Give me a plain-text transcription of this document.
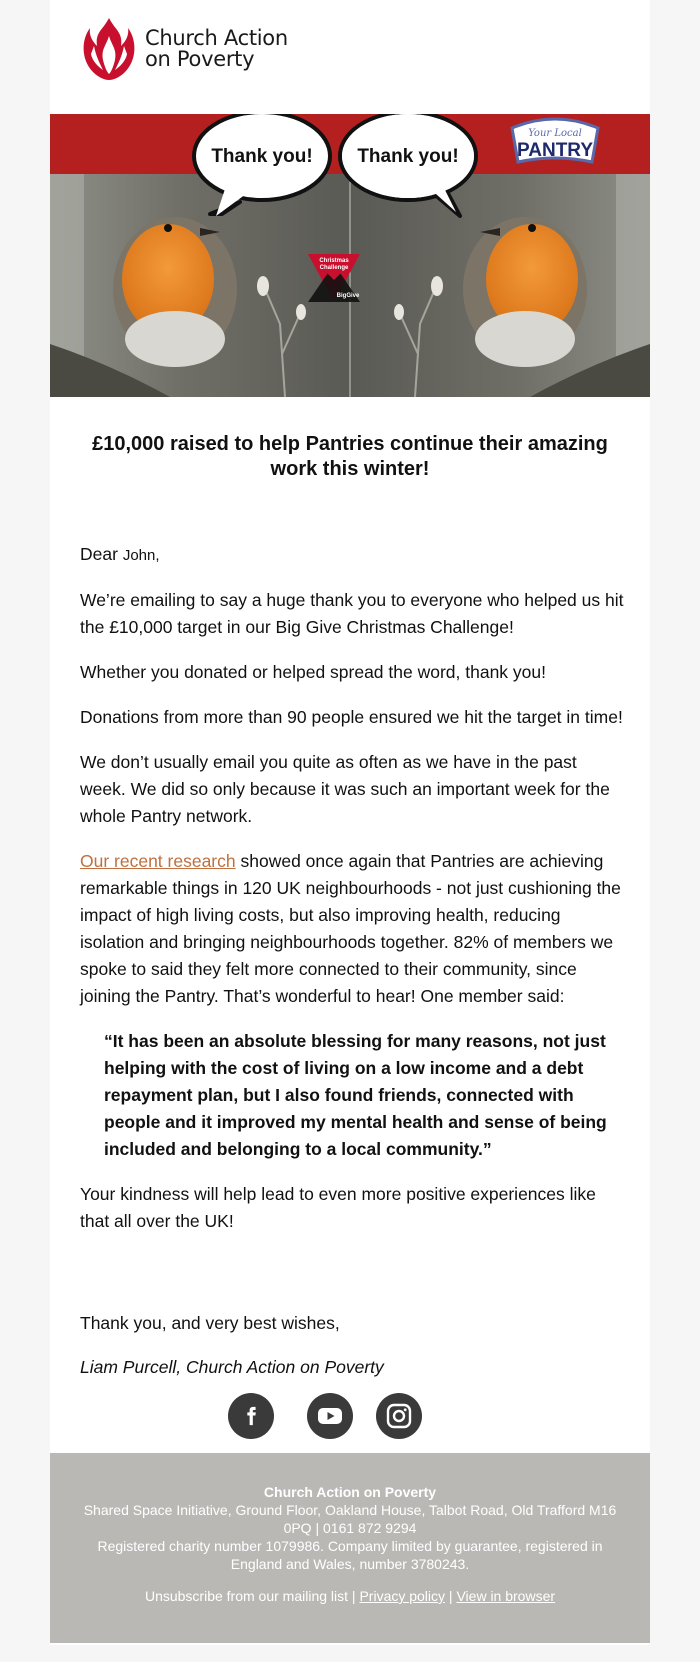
Church Action
on Poverty
Thank you! Thank you!
Your Local
PANTRY
Christmas
Challenge
BigGive
£10,000 raised to help Pantries continue their amazing work this winter!

Dear John,

We’re emailing to say a huge thank you to everyone who helped us hit the £10,000 target in our Big Give Christmas Challenge!

Whether you donated or helped spread the word, thank you!

Donations from more than 90 people ensured we hit the target in time!

We don’t usually email you quite as often as we have in the past week. We did so only because it was such an important week for the whole Pantry network.

Our recent research showed once again that Pantries are achieving remarkable things in 120 UK neighbourhoods - not just cushioning the impact of high living costs, but also improving health, reducing isolation and bringing neighbourhoods together. 82% of members we spoke to said they felt more connected to their community, since joining the Pantry. That’s wonderful to hear! One member said:

“It has been an absolute blessing for many reasons, not just helping with the cost of living on a low income and a debt repayment plan, but I also found friends, connected with people and it improved my mental health and sense of being included and belonging to a local community.”

Your kindness will help lead to even more positive experiences like that all over the UK!

Thank you, and very best wishes,
Liam Purcell, Church Action on Poverty
Church Action on Poverty
Shared Space Initiative, Ground Floor, Oakland House, Talbot Road, Old Trafford M16 0PQ | 0161 872 9294
Registered charity number 1079986. Company limited by guarantee, registered in England and Wales, number 3780243.
Unsubscribe from our mailing list | Privacy policy | View in browser
